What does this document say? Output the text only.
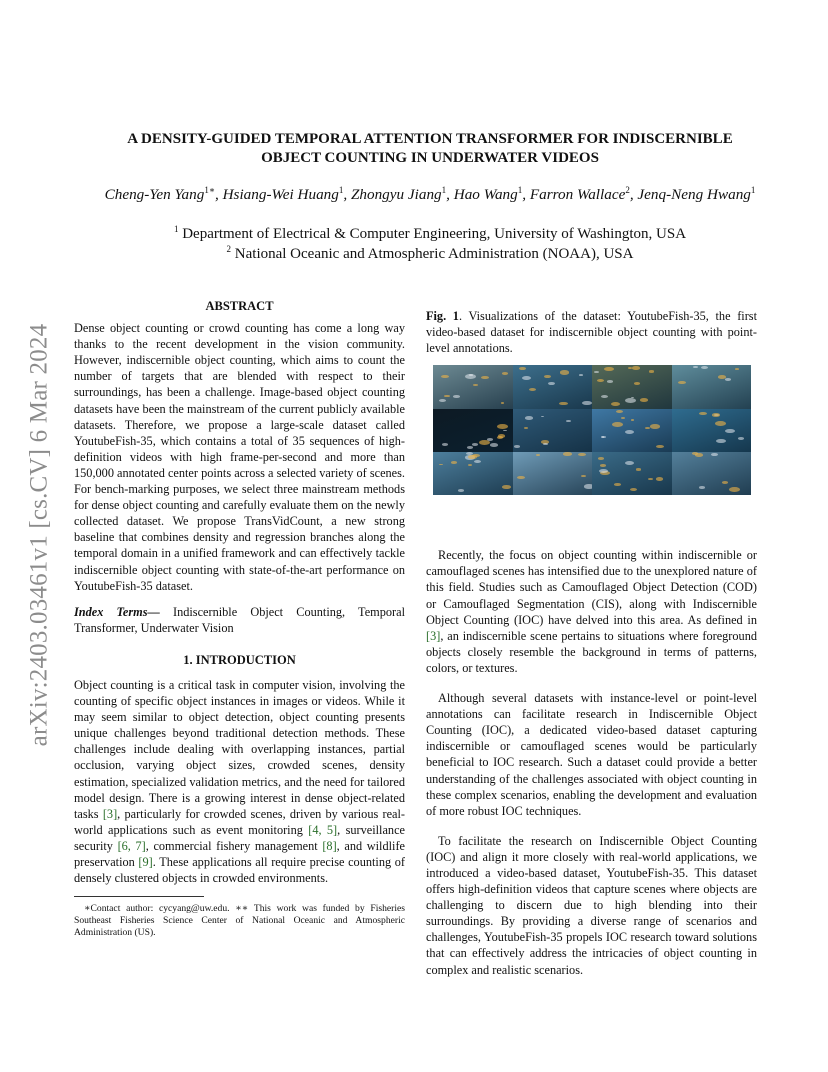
arXiv:2403.03461v1 [cs.CV] 6 Mar 2024
A DENSITY-GUIDED TEMPORAL ATTENTION TRANSFORMER FOR INDISCERNIBLE
OBJECT COUNTING IN UNDERWATER VIDEOS
Cheng-Yen Yang$^{1∗}$, Hsiang-Wei Huang$^1$, Zhongyu Jiang$^1$, Hao Wang$^1$, Farron Wallace$^2$, Jenq-Neng Hwang$^1$
$^1$ Department of Electrical & Computer Engineering, University of Washington, USA
$^2$ National Oceanic and Atmospheric Administration (NOAA), USA
ABSTRACT

Dense object counting or crowd counting has come a long way thanks to the recent development in the vision community. However, indiscernible object counting, which aims to count the number of targets that are blended with respect to their surroundings, has been a challenge. Image-based object counting datasets have been the mainstream of the current publicly available datasets. Therefore, we propose a large-scale dataset called YoutubeFish-35, which contains a total of 35 sequences of high-definition videos with high frame-per-second and more than 150,000 annotated center points across a selected variety of scenes. For bench-marking purposes, we select three mainstream methods for dense object counting and carefully evaluate them on the newly collected dataset. We propose TransVidCount, a new strong baseline that combines density and regression branches along the temporal domain in a unified framework and can effectively tackle indiscernible object counting with state-of-the-art performance on YoutubeFish-35 dataset.

Index Terms— Indiscernible Object Counting, Temporal Transformer, Underwater Vision

1. INTRODUCTION

Object counting is a critical task in computer vision, involving the counting of specific object instances in images or videos. While it may seem similar to object detection, object counting presents unique challenges beyond traditional detection methods. These challenges include dealing with overlapping instances, partial occlusion, varying object sizes, crowded scenes, density estimation, specialized validation metrics, and the need for tailored model design. There is a growing interest in dense object-related tasks [3], particularly for crowded scenes, driven by various real-world applications such as event monitoring [4, 5], surveillance security [6, 7], commercial fishery management [8], and wildlife preservation [9]. These applications all require precise counting of densely clustered objects in crowded environments.

∗Contact author: cycyang@uw.edu. ∗∗ This work was funded by Fisheries Southeast Fisheries Science Center of National Oceanic and Atmospheric Administration (US).

Fig. 1. Visualizations of the dataset: YoutubeFish-35, the first video-based dataset for indiscernible object counting with point-level annotations.

Recently, the focus on object counting within indiscernible or camouflaged scenes has intensified due to the unexplored nature of this field. Studies such as Camouflaged Object Detection (COD) or Camouflaged Segmentation (CIS), along with Indiscernible Object Counting (IOC) have delved into this area. As defined in [3], an indiscernible scene pertains to situations where foreground objects closely resemble the background in terms of patterns, colors, or textures.

Although several datasets with instance-level or point-level annotations can facilitate research in Indiscernible Object Counting (IOC), a dedicated video-based dataset capturing indiscernible or camouflaged scenes would be particularly beneficial to IOC research. Such a dataset could provide a better understanding of the challenges associated with object counting in these complex scenarios, enabling the development and evaluation of more robust IOC techniques.

To facilitate the research on Indiscernible Object Counting (IOC) and align it more closely with real-world applications, we introduced a video-based dataset, YoutubeFish-35. This dataset offers high-definition videos that capture scenes where objects are challenging to discern due to high blending into their surroundings. By providing a diverse range of scenarios and challenges, YoutubeFish-35 propels IOC research toward solutions that can effectively address the intricacies of object counting in complex and realistic scenarios.
